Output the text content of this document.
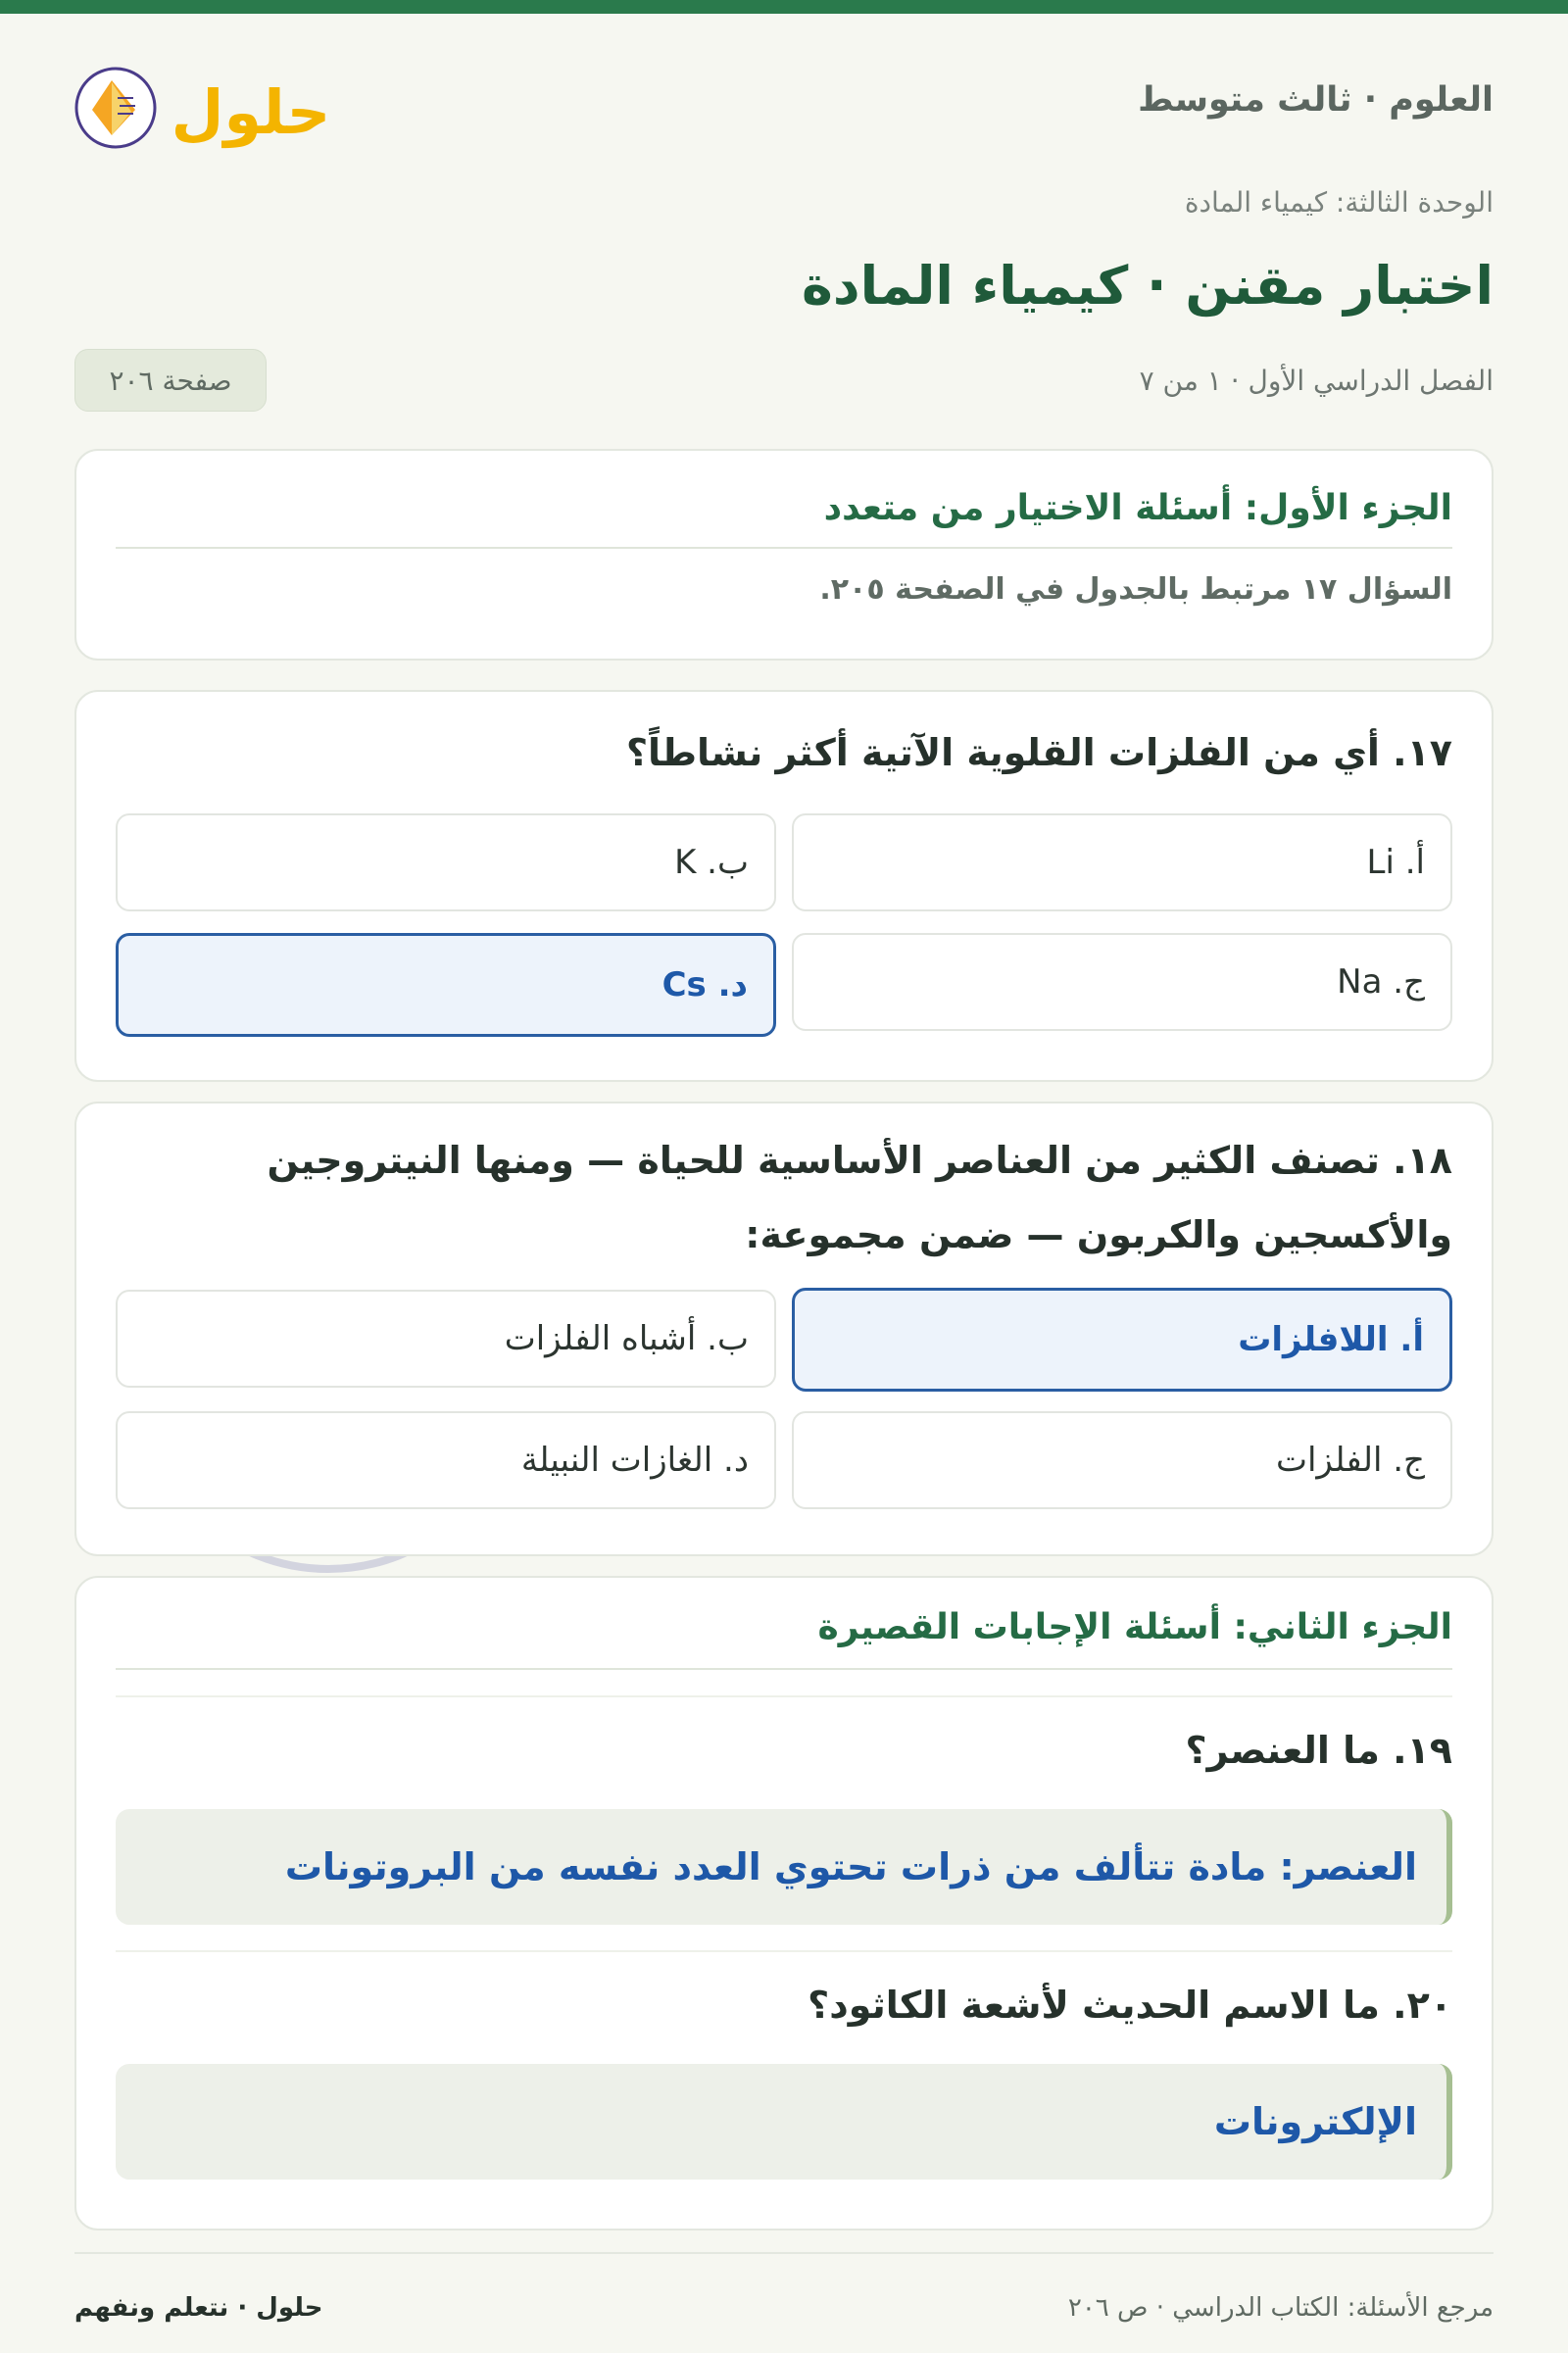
العلوم · ثالث متوسط
حلول
الوحدة الثالثة: كيمياء المادة
اختبار مقنن · كيمياء المادة
الفصل الدراسي الأول · ١ من ٧
صفحة ٢٠٦
الجزء الأول: أسئلة الاختيار من متعدد
السؤال ١٧ مرتبط بالجدول في الصفحة ٢٠٥.
١٧. أي من الفلزات القلوية الآتية أكثر نشاطاً؟
أ. Li
ب. K
ج. Na
د. Cs
١٨. تصنف الكثير من العناصر الأساسية للحياة — ومنها النيتروجين والأكسجين والكربون — ضمن مجموعة:
أ. اللافلزات
ب. أشباه الفلزات
ج. الفلزات
د. الغازات النبيلة
الجزء الثاني: أسئلة الإجابات القصيرة
١٩. ما العنصر؟
العنصر: مادة تتألف من ذرات تحتوي العدد نفسه من البروتونات
٢٠. ما الاسم الحديث لأشعة الكاثود؟
الإلكترونات
مرجع الأسئلة: الكتاب الدراسي · ص ٢٠٦
حلول · نتعلم ونفهم
